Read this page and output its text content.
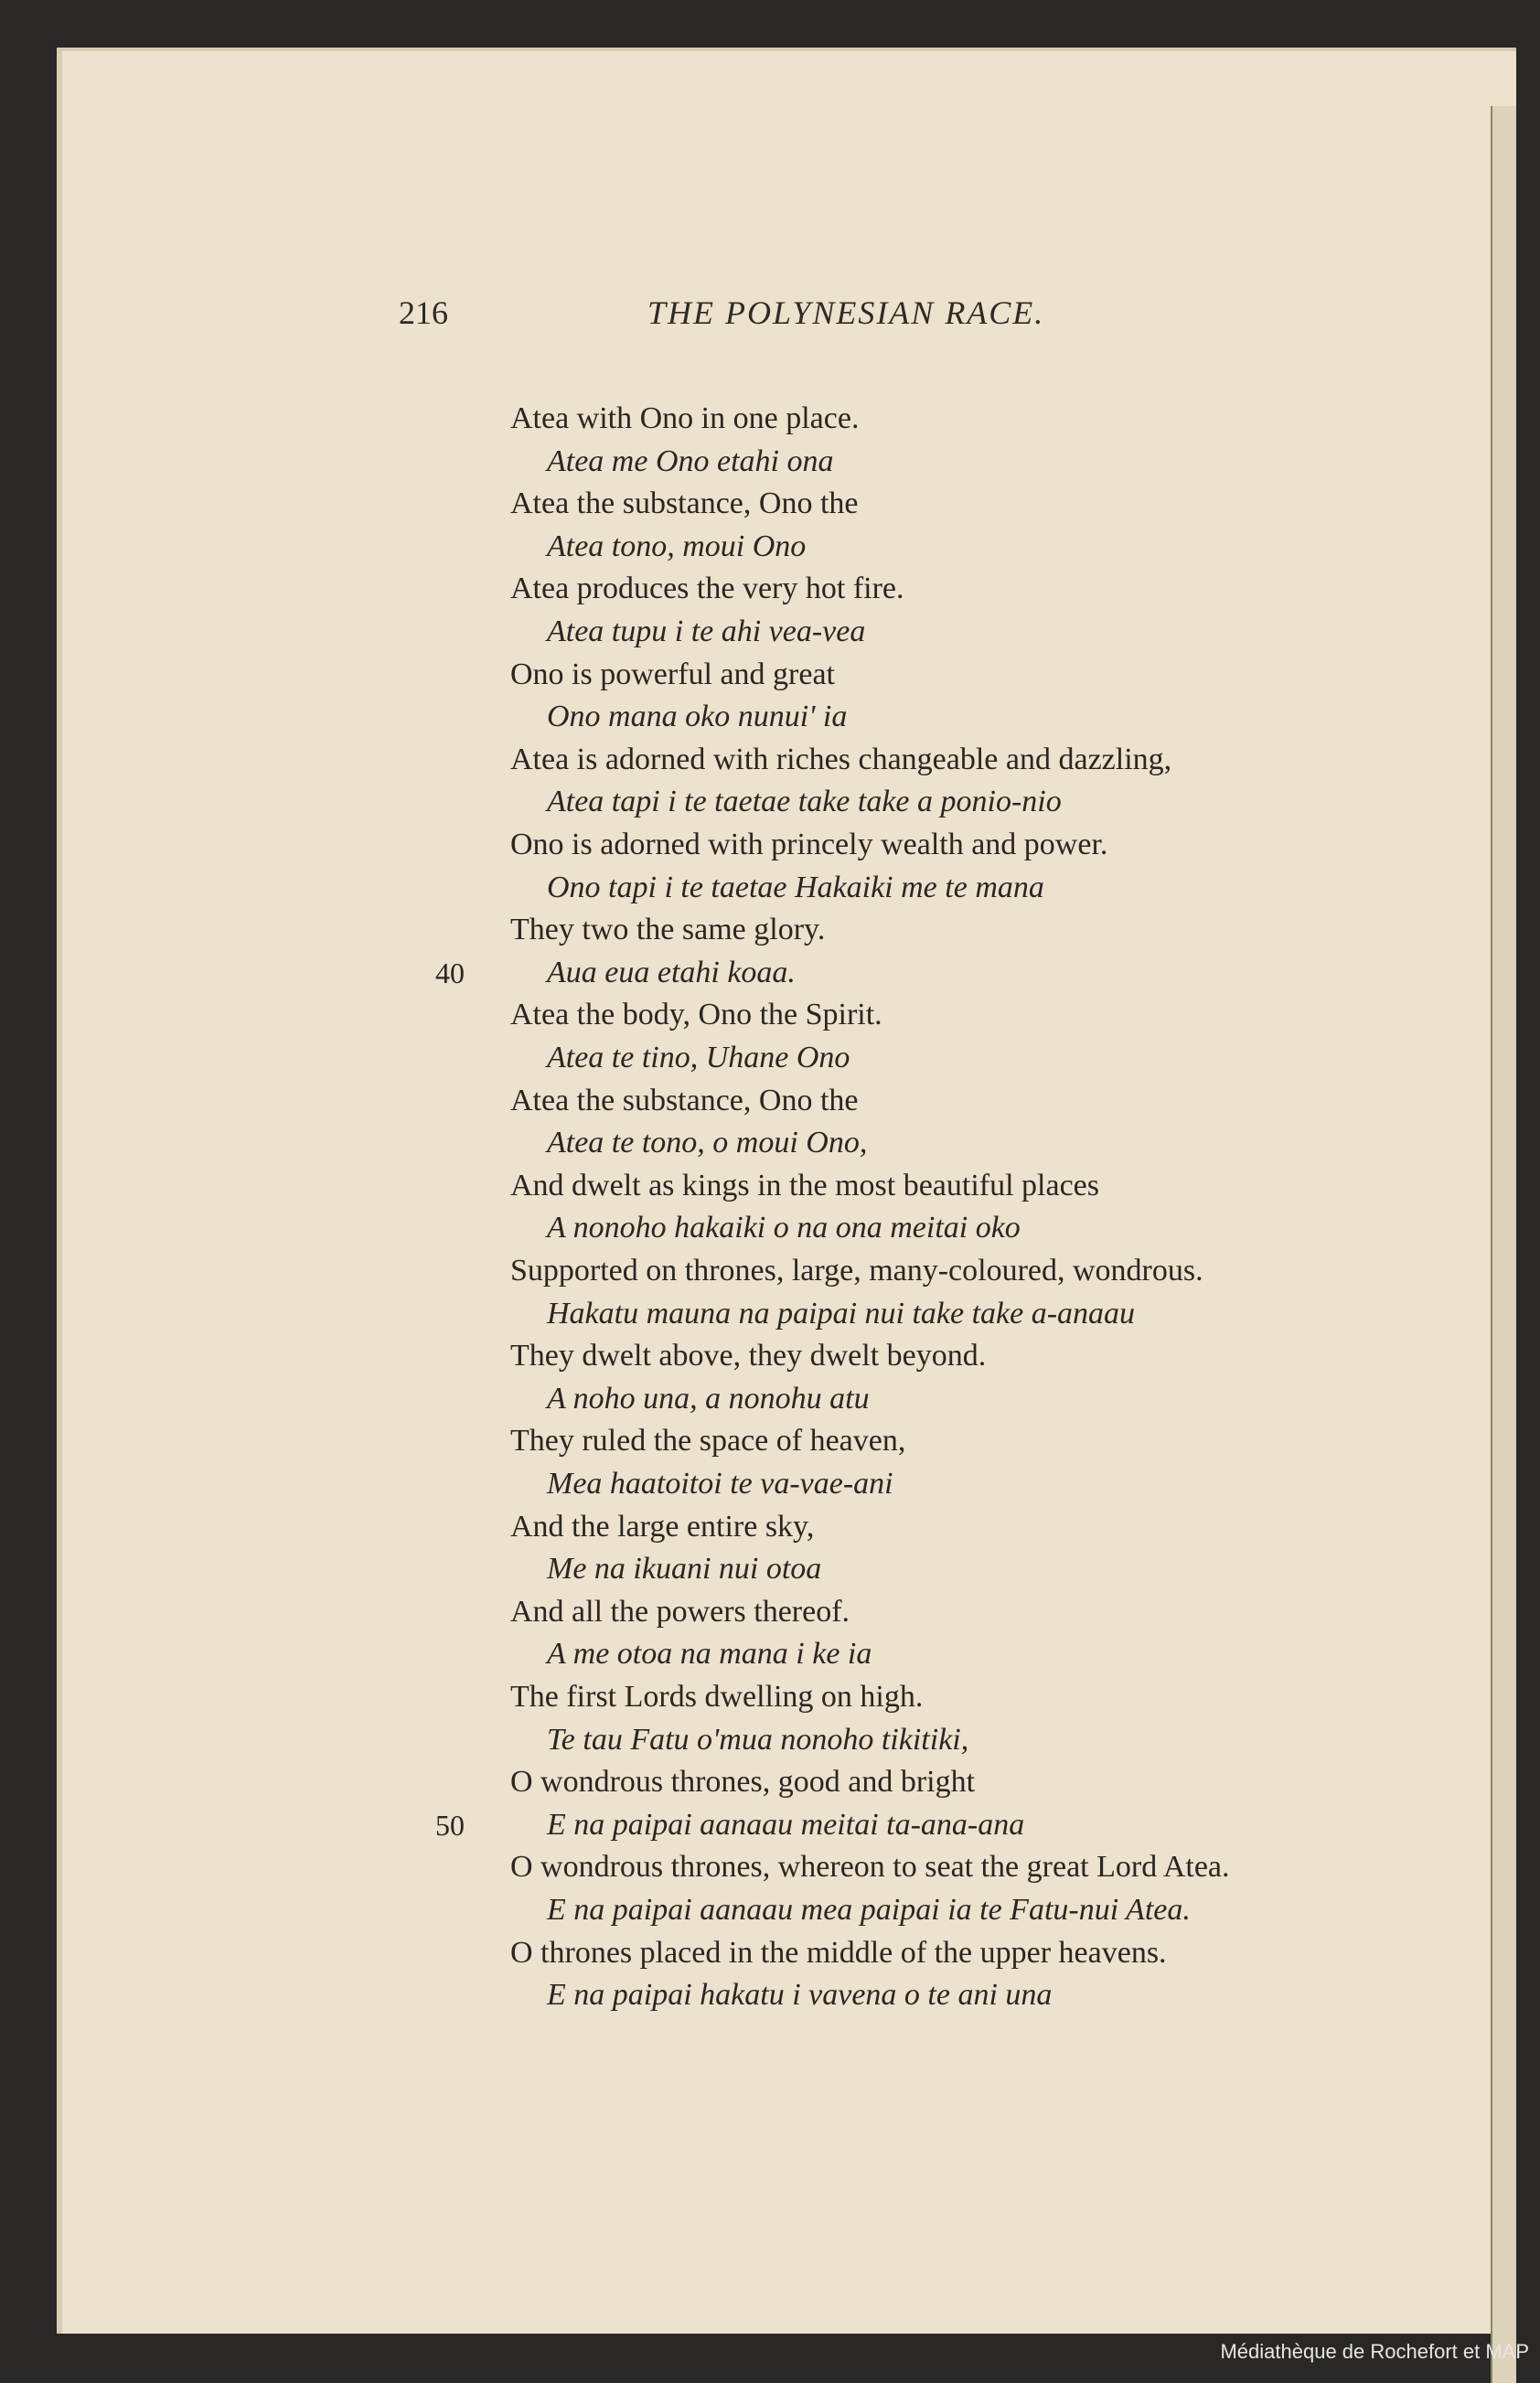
216	THE POLYNESIAN RACE.
Atea with Ono in one place.
Atea me Ono etahi ona
Atea the substance, Ono the
Atea tono, moui Ono
Atea produces the very hot fire.
Atea tupu i te ahi vea-vea
Ono is powerful and great
Ono mana oko nunui' ia
Atea is adorned with riches changeable and dazzling,
Atea tapi i te taetae take take a ponio-nio
Ono is adorned with princely wealth and power.
Ono tapi i te taetae Hakaiki me te mana
They two the same glory.
Aua eua etahi koaa.
40
Atea the body, Ono the Spirit.
Atea te tino, Uhane Ono
Atea the substance, Ono the
Atea te tono, o moui Ono,
And dwelt as kings in the most beautiful places
A nonoho hakaiki o na ona meitai oko
Supported on thrones, large, many-coloured, wondrous.
Hakatu mauna na paipai nui take take a-anaau
They dwelt above, they dwelt beyond.
A noho una, a nonohu atu
They ruled the space of heaven,
Mea haatoitoi te va-vae-ani
And the large entire sky,
Me na ikuani nui otoa
And all the powers thereof.
A me otoa na mana i ke ia
The first Lords dwelling on high.
Te tau Fatu o'mua nonoho tikitiki,
O wondrous thrones, good and bright
E na paipai aanaau meitai ta-ana-ana
50
O wondrous thrones, whereon to seat the great Lord Atea.
E na paipai aanaau mea paipai ia te Fatu-nui Atea.
O thrones placed in the middle of the upper heavens.
E na paipai hakatu i vavena o te ani una
Médiathèque de Rochefort et MAP
